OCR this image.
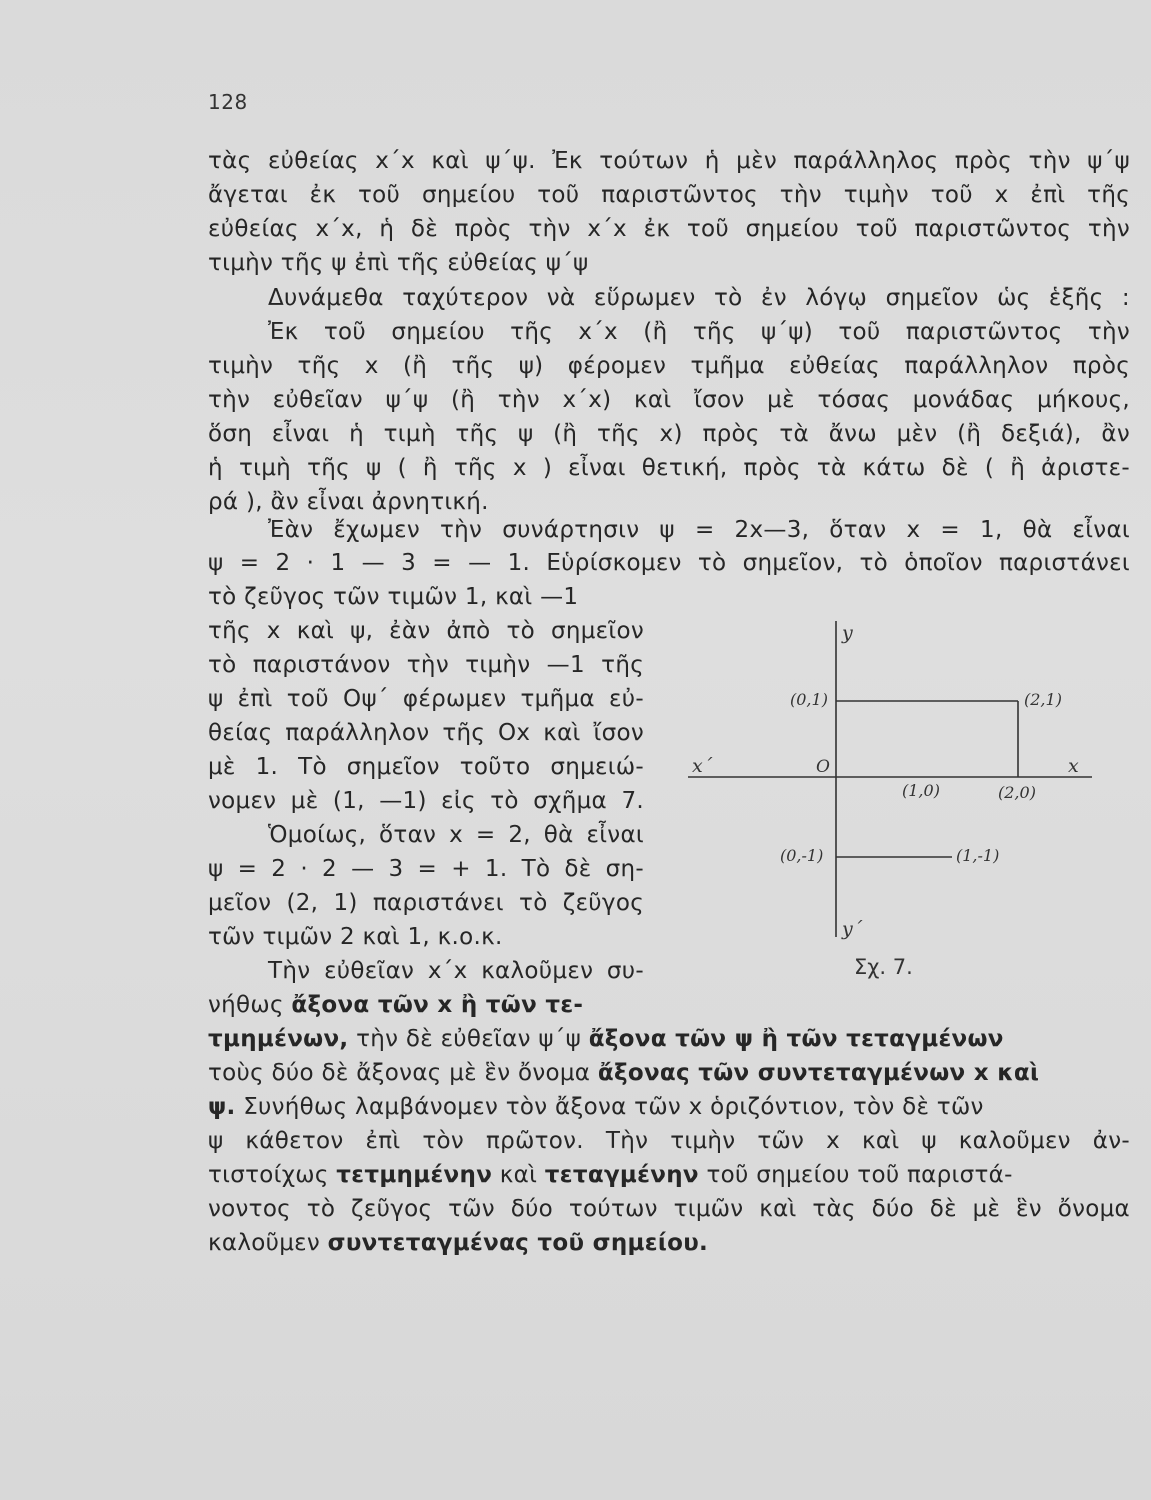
128
τὰς εὐθείας x΄x καὶ ψ΄ψ. Ἐκ τούτων ἡ μὲν παράλληλος πρὸς τὴν ψ΄ψ
ἄγεται ἐκ τοῦ σημείου τοῦ παριστῶντος τὴν τιμὴν τοῦ x ἐπὶ τῆς
εὐθείας x΄x, ἡ δὲ πρὸς τὴν x΄x ἐκ τοῦ σημείου τοῦ παριστῶντος τὴν
τιμὴν τῆς ψ ἐπὶ τῆς εὐθείας ψ΄ψ
Δυνάμεθα ταχύτερον νὰ εὕρωμεν τὸ ἐν λόγῳ σημεῖον ὡς ἑξῆς :
Ἐκ τοῦ σημείου τῆς x΄x (ἢ τῆς ψ΄ψ) τοῦ παριστῶντος τὴν
τιμὴν τῆς x (ἢ τῆς ψ) φέρομεν τμῆμα εὐθείας παράλληλον πρὸς
τὴν εὐθεῖαν ψ΄ψ (ἢ τὴν x΄x) καὶ ἴσον μὲ τόσας μονάδας μήκους,
ὅση εἶναι ἡ τιμὴ τῆς ψ (ἢ τῆς x) πρὸς τὰ ἄνω μὲν (ἢ δεξιά), ἂν
ἡ τιμὴ τῆς ψ ( ἢ τῆς x ) εἶναι θετική, πρὸς τὰ κάτω δὲ ( ἢ ἀριστε-
ρά ), ἂν εἶναι ἀρνητική.
Ἐὰν ἔχωμεν τὴν συνάρτησιν ψ = 2x—3, ὅταν x = 1, θὰ εἶναι
ψ = 2 · 1 — 3 = — 1. Εὑρίσκομεν τὸ σημεῖον, τὸ ὁποῖον παριστάνει
τὸ ζεῦγος τῶν τιμῶν 1, καὶ —1
τῆς x καὶ ψ, ἐὰν ἀπὸ τὸ σημεῖον
τὸ παριστάνον τὴν τιμὴν —1 τῆς
ψ ἐπὶ τοῦ Οψ΄ φέρωμεν τμῆμα εὐ-
θείας παράλληλον τῆς Ox καὶ ἴσον
μὲ 1. Τὸ σημεῖον τοῦτο σημειώ-
νομεν μὲ (1, —1) εἰς τὸ σχῆμα 7.
Ὁμοίως, ὅταν x = 2, θὰ εἶναι
ψ = 2 · 2 — 3 = + 1. Τὸ δὲ ση-
μεῖον (2, 1) παριστάνει τὸ ζεῦγος
τῶν τιμῶν 2 καὶ 1, κ.ο.κ.
Τὴν εὐθεῖαν x΄x καλοῦμεν συ-
νήθως ἄξονα τῶν x ἢ τῶν τε-
τμημένων, τὴν δὲ εὐθεῖαν ψ΄ψ ἄξονα τῶν ψ ἢ τῶν τεταγμένων
τοὺς δύο δὲ ἄξονας μὲ ἓν ὄνομα ἄξονας τῶν συντεταγμένων x καὶ
ψ. Συνήθως λαμβάνομεν τὸν ἄξονα τῶν x ὁριζόντιον, τὸν δὲ τῶν
ψ κάθετον ἐπὶ τὸν πρῶτον. Τὴν τιμὴν τῶν x καὶ ψ καλοῦμεν ἀν-
τιστοίχως τετμημένην καὶ τεταγμένην τοῦ σημείου τοῦ παριστά-
νοντος τὸ ζεῦγος τῶν δύο τούτων τιμῶν καὶ τὰς δύο δὲ μὲ ἓν ὄνομα
καλοῦμεν συντεταγμένας τοῦ σημείου.
y
y΄
x
x΄	O
(0,1)	(2,1)
(1,0)	(2,0)
(0,-1)	(1,-1)
Σχ. 7.
